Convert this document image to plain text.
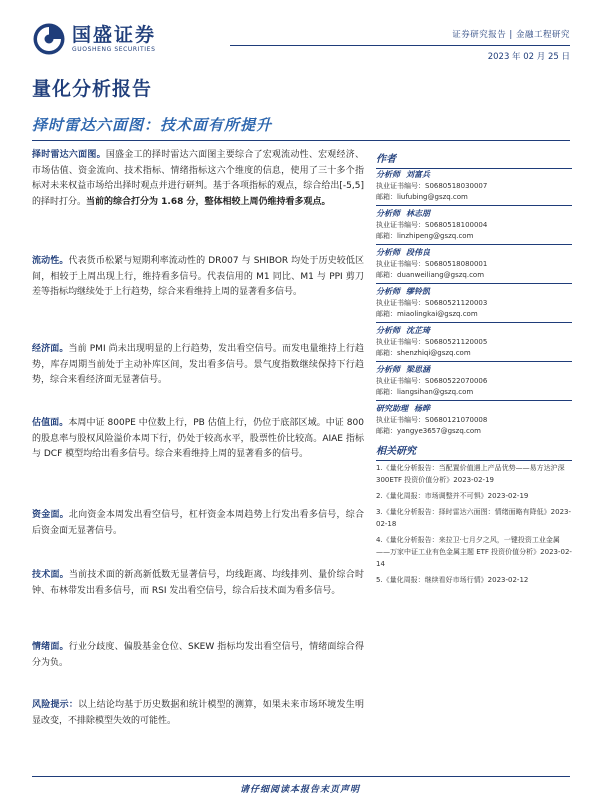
国盛证券
GUOSHENG SECURITIES
证券研究报告 | 金融工程研究
2023 年 02 月 25 日
量化分析报告
择时雷达六面图：技术面有所提升

择时雷达六面图。国盛金工的择时雷达六面图主要综合了宏观流动性、宏观经济、市场估值、资金流向、技术指标、情绪指标这六个维度的信息，使用了三十多个指标对未来权益市场给出择时观点并进行研判。基于各项指标的观点，综合给出[-5,5]的择时打分。当前的综合打分为 1.68 分，整体相较上周仍维持看多观点。

流动性。代表货币松紧与短期利率流动性的 DR007 与 SHIBOR 均处于历史较低区间，相较于上周出现上行，维持看多信号。代表信用的 M1 同比、M1 与 PPI 剪刀差等指标均继续处于上行趋势，综合来看维持上周的显著看多信号。

经济面。当前 PMI 尚未出现明显的上行趋势，发出看空信号。而发电量维持上行趋势，库存周期当前处于主动补库区间，发出看多信号。景气度指数继续保持下行趋势，综合来看经济面无显著信号。

估值面。本周中证 800PE 中位数上行，PB 估值上行，仍位于底部区域。中证 800 的股息率与股权风险溢价本周下行，仍处于较高水平，股票性价比较高。AIAE 指标与 DCF 模型均给出看多信号。综合来看维持上周的显著看多的信号。

资金面。北向资金本周发出看空信号，杠杆资金本周趋势上行发出看多信号，综合后资金面无显著信号。

技术面。当前技术面的新高新低数无显著信号，均线距离、均线排列、量价综合时钟、布林带发出看多信号，而 RSI 发出看空信号，综合后技术面为看多信号。

情绪面。行业分歧度、偏股基金仓位、SKEW 指标均发出看空信号，情绪面综合得分为负。

风险提示：以上结论均基于历史数据和统计模型的测算，如果未来市场环境发生明显改变，不排除模型失效的可能性。

作者
分析师 刘富兵
执业证书编号：S0680518030007
邮箱：liufubing@gszq.com
分析师 林志朋
执业证书编号：S0680518100004
邮箱：linzhipeng@gszq.com
分析师 段伟良
执业证书编号：S0680518080001
邮箱：duanweiliang@gszq.com
分析师 缪铃凯
执业证书编号：S0680521120003
邮箱：miaolingkai@gszq.com
分析师 沈芷琦
执业证书编号：S0680521120005
邮箱：shenzhiqi@gszq.com
分析师 梁思涵
执业证书编号：S0680522070006
邮箱：liangsihan@gszq.com
研究助理 杨晔
执业证书编号：S0680121070008
邮箱：yangye3657@gszq.com
相关研究
1.《量化分析报告：当配置价值遇上产品优势——易方达沪深 300ETF 投资价值分析》2023-02-19
2.《量化周报：市场调整并不可惧》2023-02-19
3.《量化分析报告：择时雷达六面图：情绪面略有降低》2023-02-18
4.《量化分析报告：来拉卫·七月夕之风，一键投资工业金属——万家中证工业有色金属主题 ETF 投资价值分析》2023-02-14
5.《量化周报：继续看好市场行情》2023-02-12
请仔细阅读本报告末页声明
